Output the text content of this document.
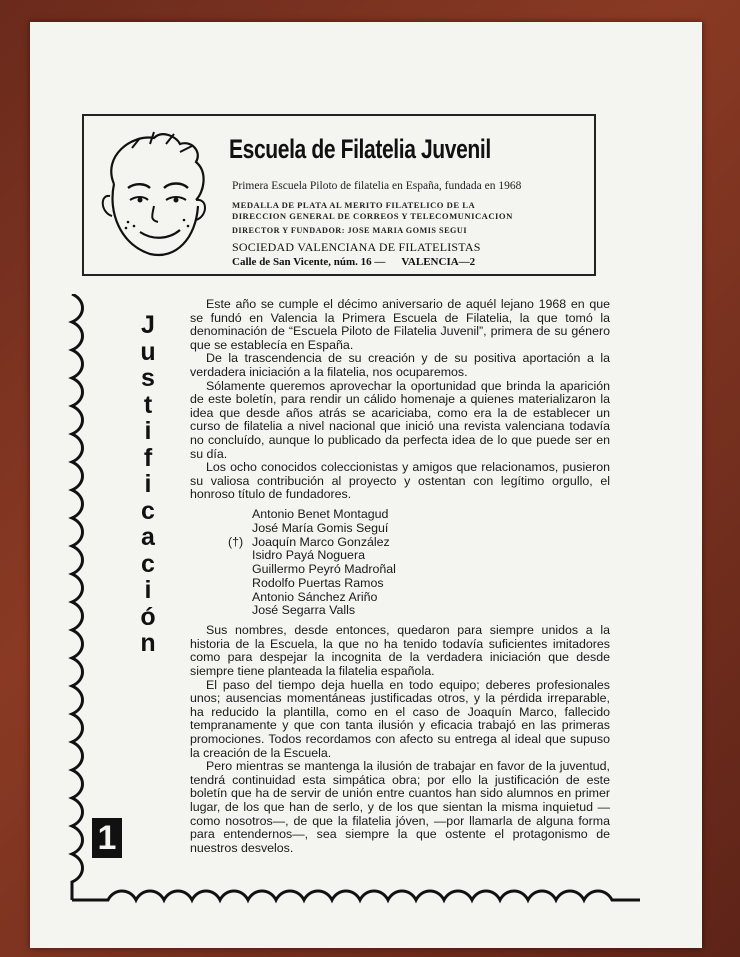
Escuela de Filatelia Juvenil
Primera Escuela Piloto de filatelia en España, fundada en 1968
MEDALLA DE PLATA AL MERITO FILATELICO DE LA
DIRECCION GENERAL DE CORREOS Y TELECOMUNICACION
DIRECTOR Y FUNDADOR: JOSE MARIA GOMIS SEGUI
SOCIEDAD VALENCIANA DE FILATELISTAS
Calle de San Vicente, núm. 16 — VALENCIA—2
J
u
s
t
i
f
i
c
a
c
i
ó
n
1

Este año se cumple el décimo aniversario de aquél lejano 1968 en que se fundó en Valencia la Primera Escuela de Filatelia, la que tomó la denominación de “Escuela Piloto de Filatelia Juvenil”, primera de su género que se establecía en España.

De la trascendencia de su creación y de su positiva aportación a la verdadera iniciación a la filatelia, nos ocuparemos.

Sólamente queremos aprovechar la oportunidad que brinda la aparición de este boletín, para rendir un cálido homenaje a quienes materializaron la idea que desde años atrás se acariciaba, como era la de establecer un curso de filatelia a nivel nacional que inició una revista valenciana todavía no concluído, aunque lo publicado da perfecta idea de lo que puede ser en su día.

Los ocho conocidos coleccionistas y amigos que relacionamos, pusieron su valiosa contribución al proyecto y ostentan con legítimo orgullo, el honroso título de fundadores.

Antonio Benet Montagud
José María Gomis Seguí
(†) Joaquín Marco González
Isidro Payá Noguera
Guillermo Peyró Madroñal
Rodolfo Puertas Ramos
Antonio Sánchez Ariño
José Segarra Valls

Sus nombres, desde entonces, quedaron para siempre unidos a la historia de la Escuela, la que no ha tenido todavía suficientes imitadores como para despejar la incognita de la verdadera iniciación que desde siempre tiene planteada la filatelia española.

El paso del tiempo deja huella en todo equipo; deberes profesionales unos; ausencias momentáneas justificadas otros, y la pérdida irreparable, ha reducido la plantilla, como en el caso de Joaquín Marco, fallecido tempranamente y que con tanta ilusión y eficacia trabajó en las primeras promociones. Todos recordamos con afecto su entrega al ideal que supuso la creación de la Escuela.

Pero mientras se mantenga la ilusión de trabajar en favor de la juventud, tendrá continuidad esta simpática obra; por ello la justificación de este boletín que ha de servir de unión entre cuantos han sido alumnos en primer lugar, de los que han de serlo, y de los que sientan la misma inquietud —como nosotros—, de que la filatelia jóven, —por llamarla de alguna forma para entendernos—, sea siempre la que ostente el protagonismo de nuestros desvelos.
